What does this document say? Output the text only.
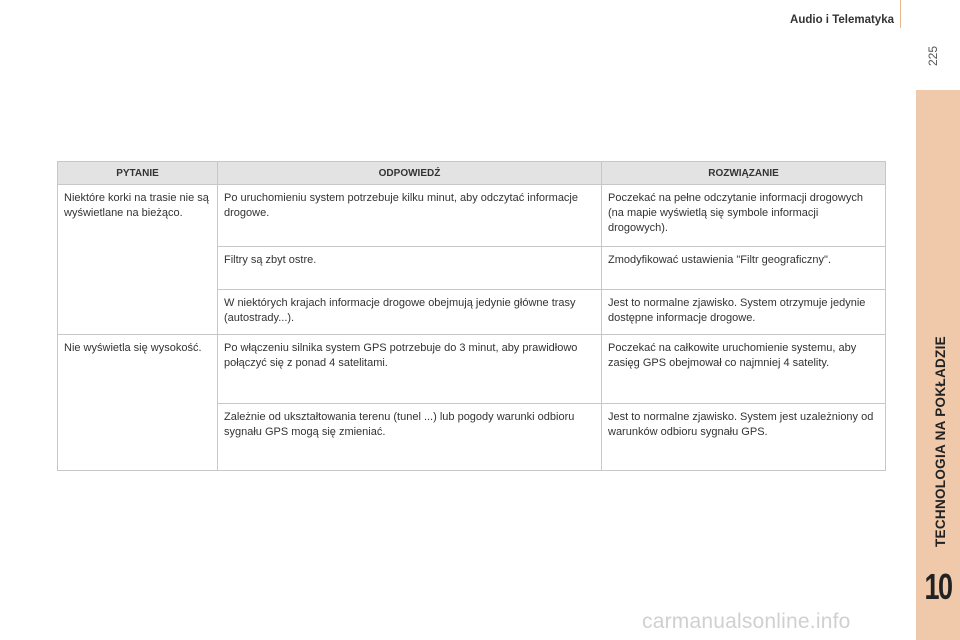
Audio i Telematyka
225
TECHNOLOGIA NA POKŁADZIE
10
PYTANIE	ODPOWIEDŹ	ROZWIĄZANIE
Niektóre korki na trasie nie są wyświetlane na bieżąco.	Po uruchomieniu system potrzebuje kilku minut, aby odczytać informacje drogowe.	Poczekać na pełne odczytanie informacji drogowych (na mapie wyświetlą się symbole informacji drogowych).
	Filtry są zbyt ostre.	Zmodyfikować ustawienia "Filtr geograficzny".
	W niektórych krajach informacje drogowe obejmują jedynie główne trasy (autostrady...).	Jest to normalne zjawisko. System otrzymuje jedynie dostępne informacje drogowe.
Nie wyświetla się wysokość.	Po włączeniu silnika system GPS potrzebuje do 3 minut, aby prawidłowo połączyć się z ponad 4 satelitami.	Poczekać na całkowite uruchomienie systemu, aby zasięg GPS obejmował co najmniej 4 satelity.
	Zależnie od ukształtowania terenu (tunel ...) lub pogody warunki odbioru sygnału GPS mogą się zmieniać.	Jest to normalne zjawisko. System jest uzależniony od warunków odbioru sygnału GPS.
carmanualsonline.info
